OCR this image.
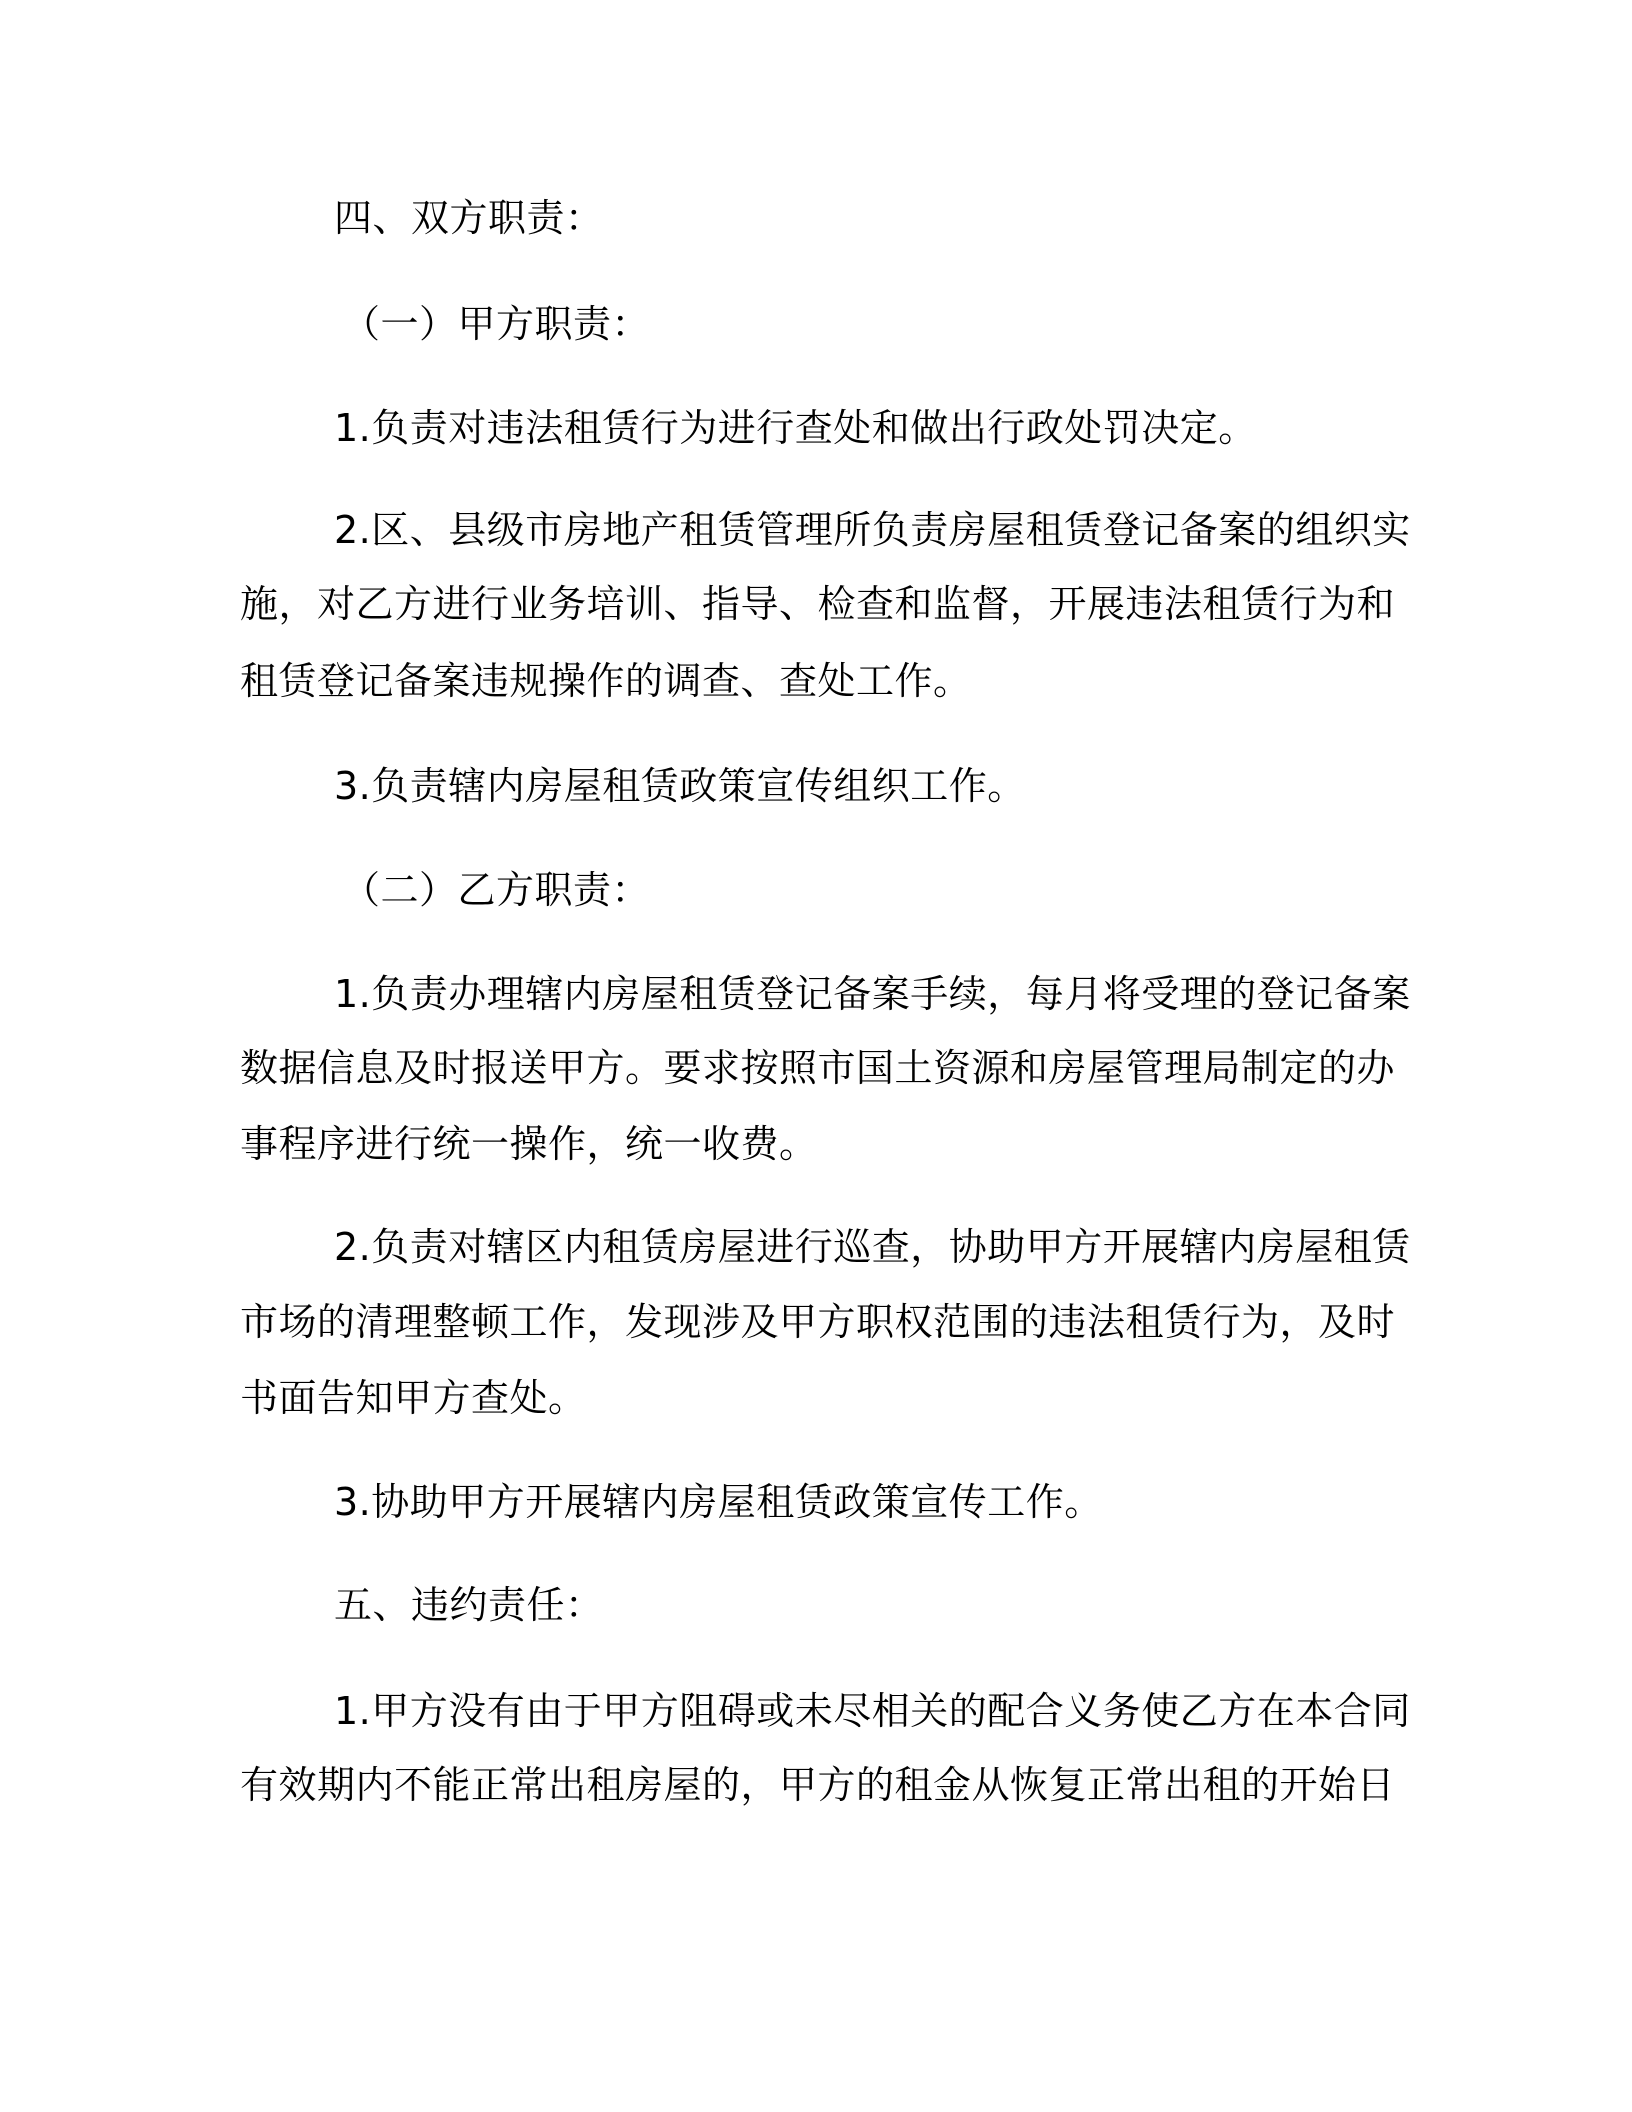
四、双方职责：
（一）甲方职责：
1.负责对违法租赁行为进行查处和做出行政处罚决定。
2.区、县级市房地产租赁管理所负责房屋租赁登记备案的组织实
施，对乙方进行业务培训、指导、检查和监督，开展违法租赁行为和
租赁登记备案违规操作的调查、查处工作。
3.负责辖内房屋租赁政策宣传组织工作。
（二）乙方职责：
1.负责办理辖内房屋租赁登记备案手续，每月将受理的登记备案
数据信息及时报送甲方。要求按照市国土资源和房屋管理局制定的办
事程序进行统一操作，统一收费。
2.负责对辖区内租赁房屋进行巡查，协助甲方开展辖内房屋租赁
市场的清理整顿工作，发现涉及甲方职权范围的违法租赁行为，及时
书面告知甲方查处。
3.协助甲方开展辖内房屋租赁政策宣传工作。
五、违约责任：
1.甲方没有由于甲方阻碍或未尽相关的配合义务使乙方在本合同
有效期内不能正常出租房屋的，甲方的租金从恢复正常出租的开始日
